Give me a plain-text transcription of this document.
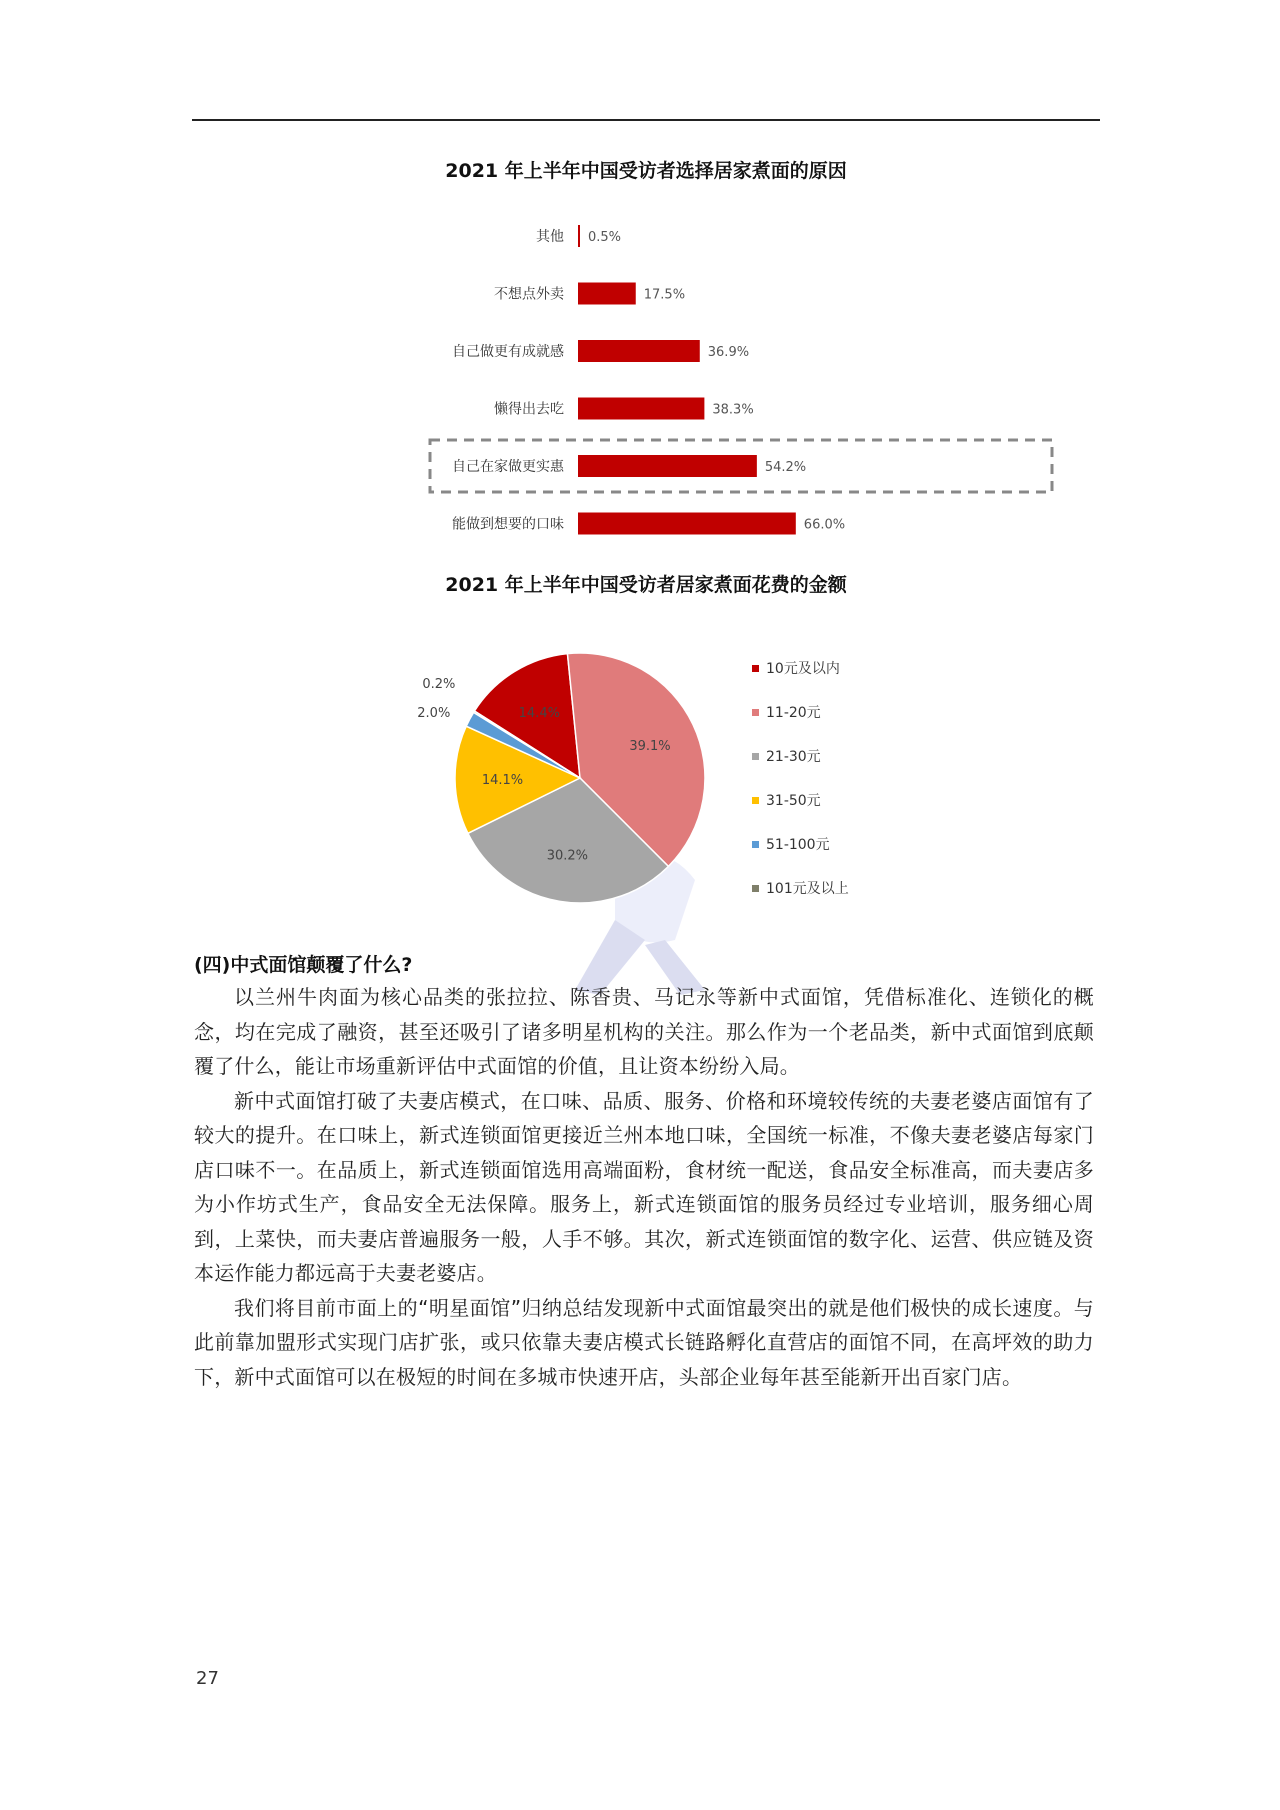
2021 年上半年中国受访者选择居家煮面的原因
其他 0.5%
不想点外卖	17.5%
自己做更有成就感	36.9%
懒得出去吃	38.3%
自己在家做更实惠	54.2%
能做到想要的口味	66.0%
2021 年上半年中国受访者居家煮面花费的金额
14.4%
39.1%
30.2%
14.1%
2.0%
0.2%
10元及以内
11-20元
21-30元
31-50元
51-100元
101元及以上
(四)中式面馆颠覆了什么?

以兰州牛肉面为核心品类的张拉拉、陈香贵、马记永等新中式面馆，凭借标准化、连锁化的概念，均在完成了融资，甚至还吸引了诸多明星机构的关注。那么作为一个老品类，新中式面馆到底颠覆了什么，能让市场重新评估中式面馆的价值，且让资本纷纷入局。

新中式面馆打破了夫妻店模式，在口味、品质、服务、价格和环境较传统的夫妻老婆店面馆有了较大的提升。在口味上，新式连锁面馆更接近兰州本地口味，全国统一标准，不像夫妻老婆店每家门店口味不一。在品质上，新式连锁面馆选用高端面粉，食材统一配送，食品安全标准高，而夫妻店多为小作坊式生产，食品安全无法保障。服务上，新式连锁面馆的服务员经过专业培训，服务细心周到，上菜快，而夫妻店普遍服务一般，人手不够。其次，新式连锁面馆的数字化、运营、供应链及资本运作能力都远高于夫妻老婆店。

我们将目前市面上的“明星面馆”归纳总结发现新中式面馆最突出的就是他们极快的成长速度。与此前靠加盟形式实现门店扩张，或只依靠夫妻店模式长链路孵化直营店的面馆不同，在高坪效的助力下，新中式面馆可以在极短的时间在多城市快速开店，头部企业每年甚至能新开出百家门店。

27
